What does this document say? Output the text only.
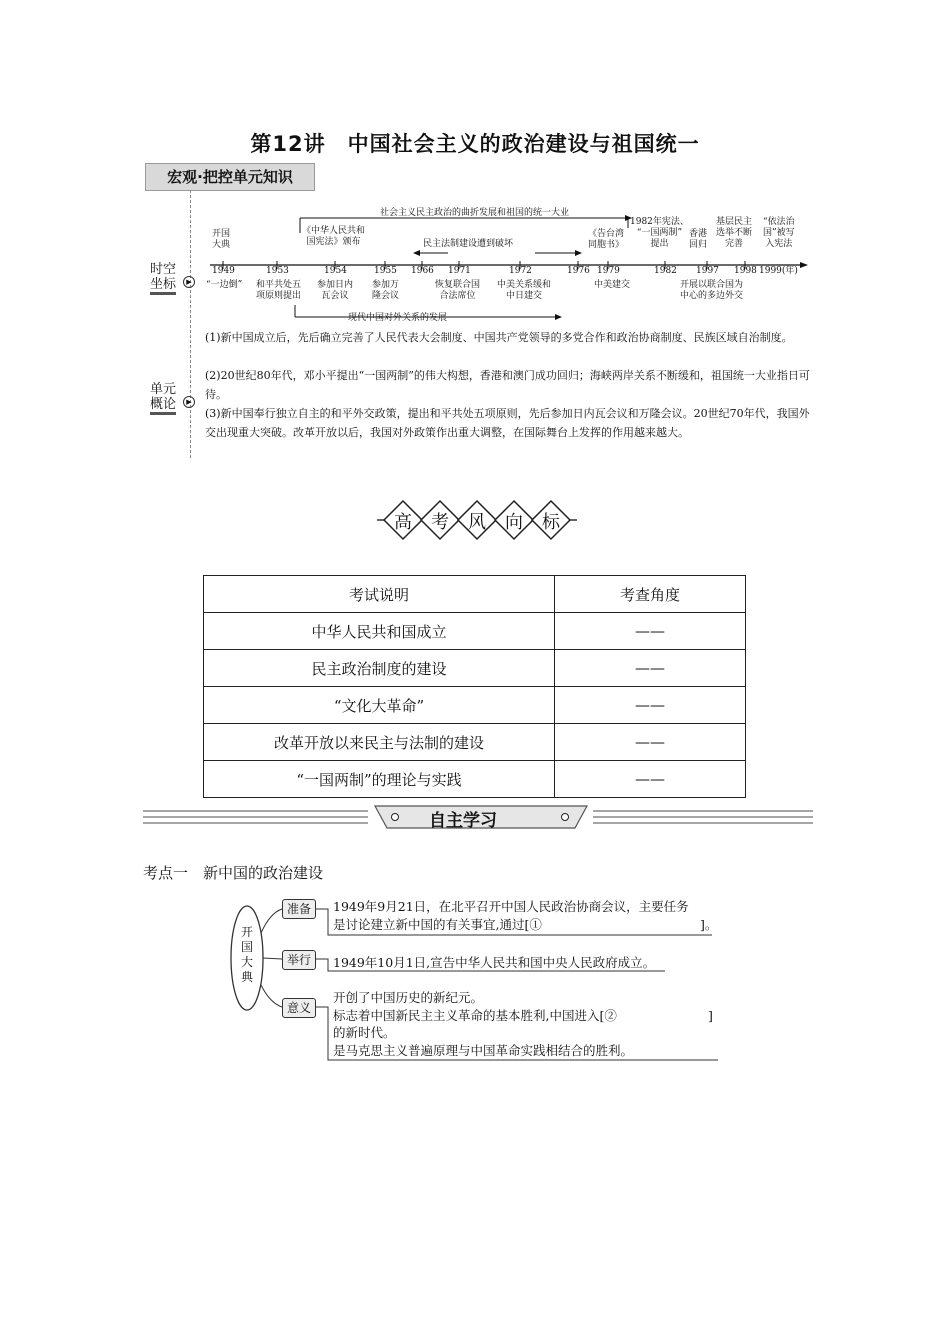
第12讲　中国社会主义的政治建设与祖国统一
宏观·把控单元知识
时空
坐标	▶
单元
概论	▶
社会主义民主政治的曲折发展和祖国的统一大业
民主法制建设遭到破坏
现代中国对外关系的发展
1949	1953	1954	1955 1966 1971	1972	1976 1979	1982 1997 1998 1999(年)
开国
大典
《中华人民共和
国宪法》颁布
《告台湾
同胞书》
1982年宪法、
“一国两制”
提出
香港
回归
基层民主
选举不断
完善
“依法治
国”被写
入宪法
“一边倒” 和平共处五
项原则提出
参加日内
瓦会议
参加万
隆会议
恢复联合国
合法席位
中美关系缓和
中日建交
中美建交	开展以联合国为
中心的多边外交
(1)新中国成立后，先后确立完善了人民代表大会制度、中国共产党领导的多党合作和政治协商制度、民族区域自治制度。
(2)20世纪80年代，邓小平提出“一国两制”的伟大构想，香港和澳门成功回归；海峡两岸关系不断缓和，祖国统一大业指日可待。
(3)新中国奉行独立自主的和平外交政策，提出和平共处五项原则，先后参加日内瓦会议和万隆会议。20世纪70年代，我国外交出现重大突破。改革开放以后，我国对外政策作出重大调整，在国际舞台上发挥的作用越来越大。
高 考 风 向 标
考试说明	考查角度
中华人民共和国成立	——
民主政治制度的建设	——
“文化大革命”	——
改革开放以来民主与法制的建设	——
“一国两制”的理论与实践	——
自主学习
考点一　新中国的政治建设
开
国
大
典
准备	1949年9月21日，在北平召开中国人民政治协商会议，主要任务
是讨论建立新中国的有关事宜,通过[①	]。
举行	1949年10月1日,宣告中华人民共和国中央人民政府成立。
意义
开创了中国历史的新纪元。
标志着中国新民主主义革命的基本胜利,中国进入[②	]
的新时代。
是马克思主义普遍原理与中国革命实践相结合的胜利。
